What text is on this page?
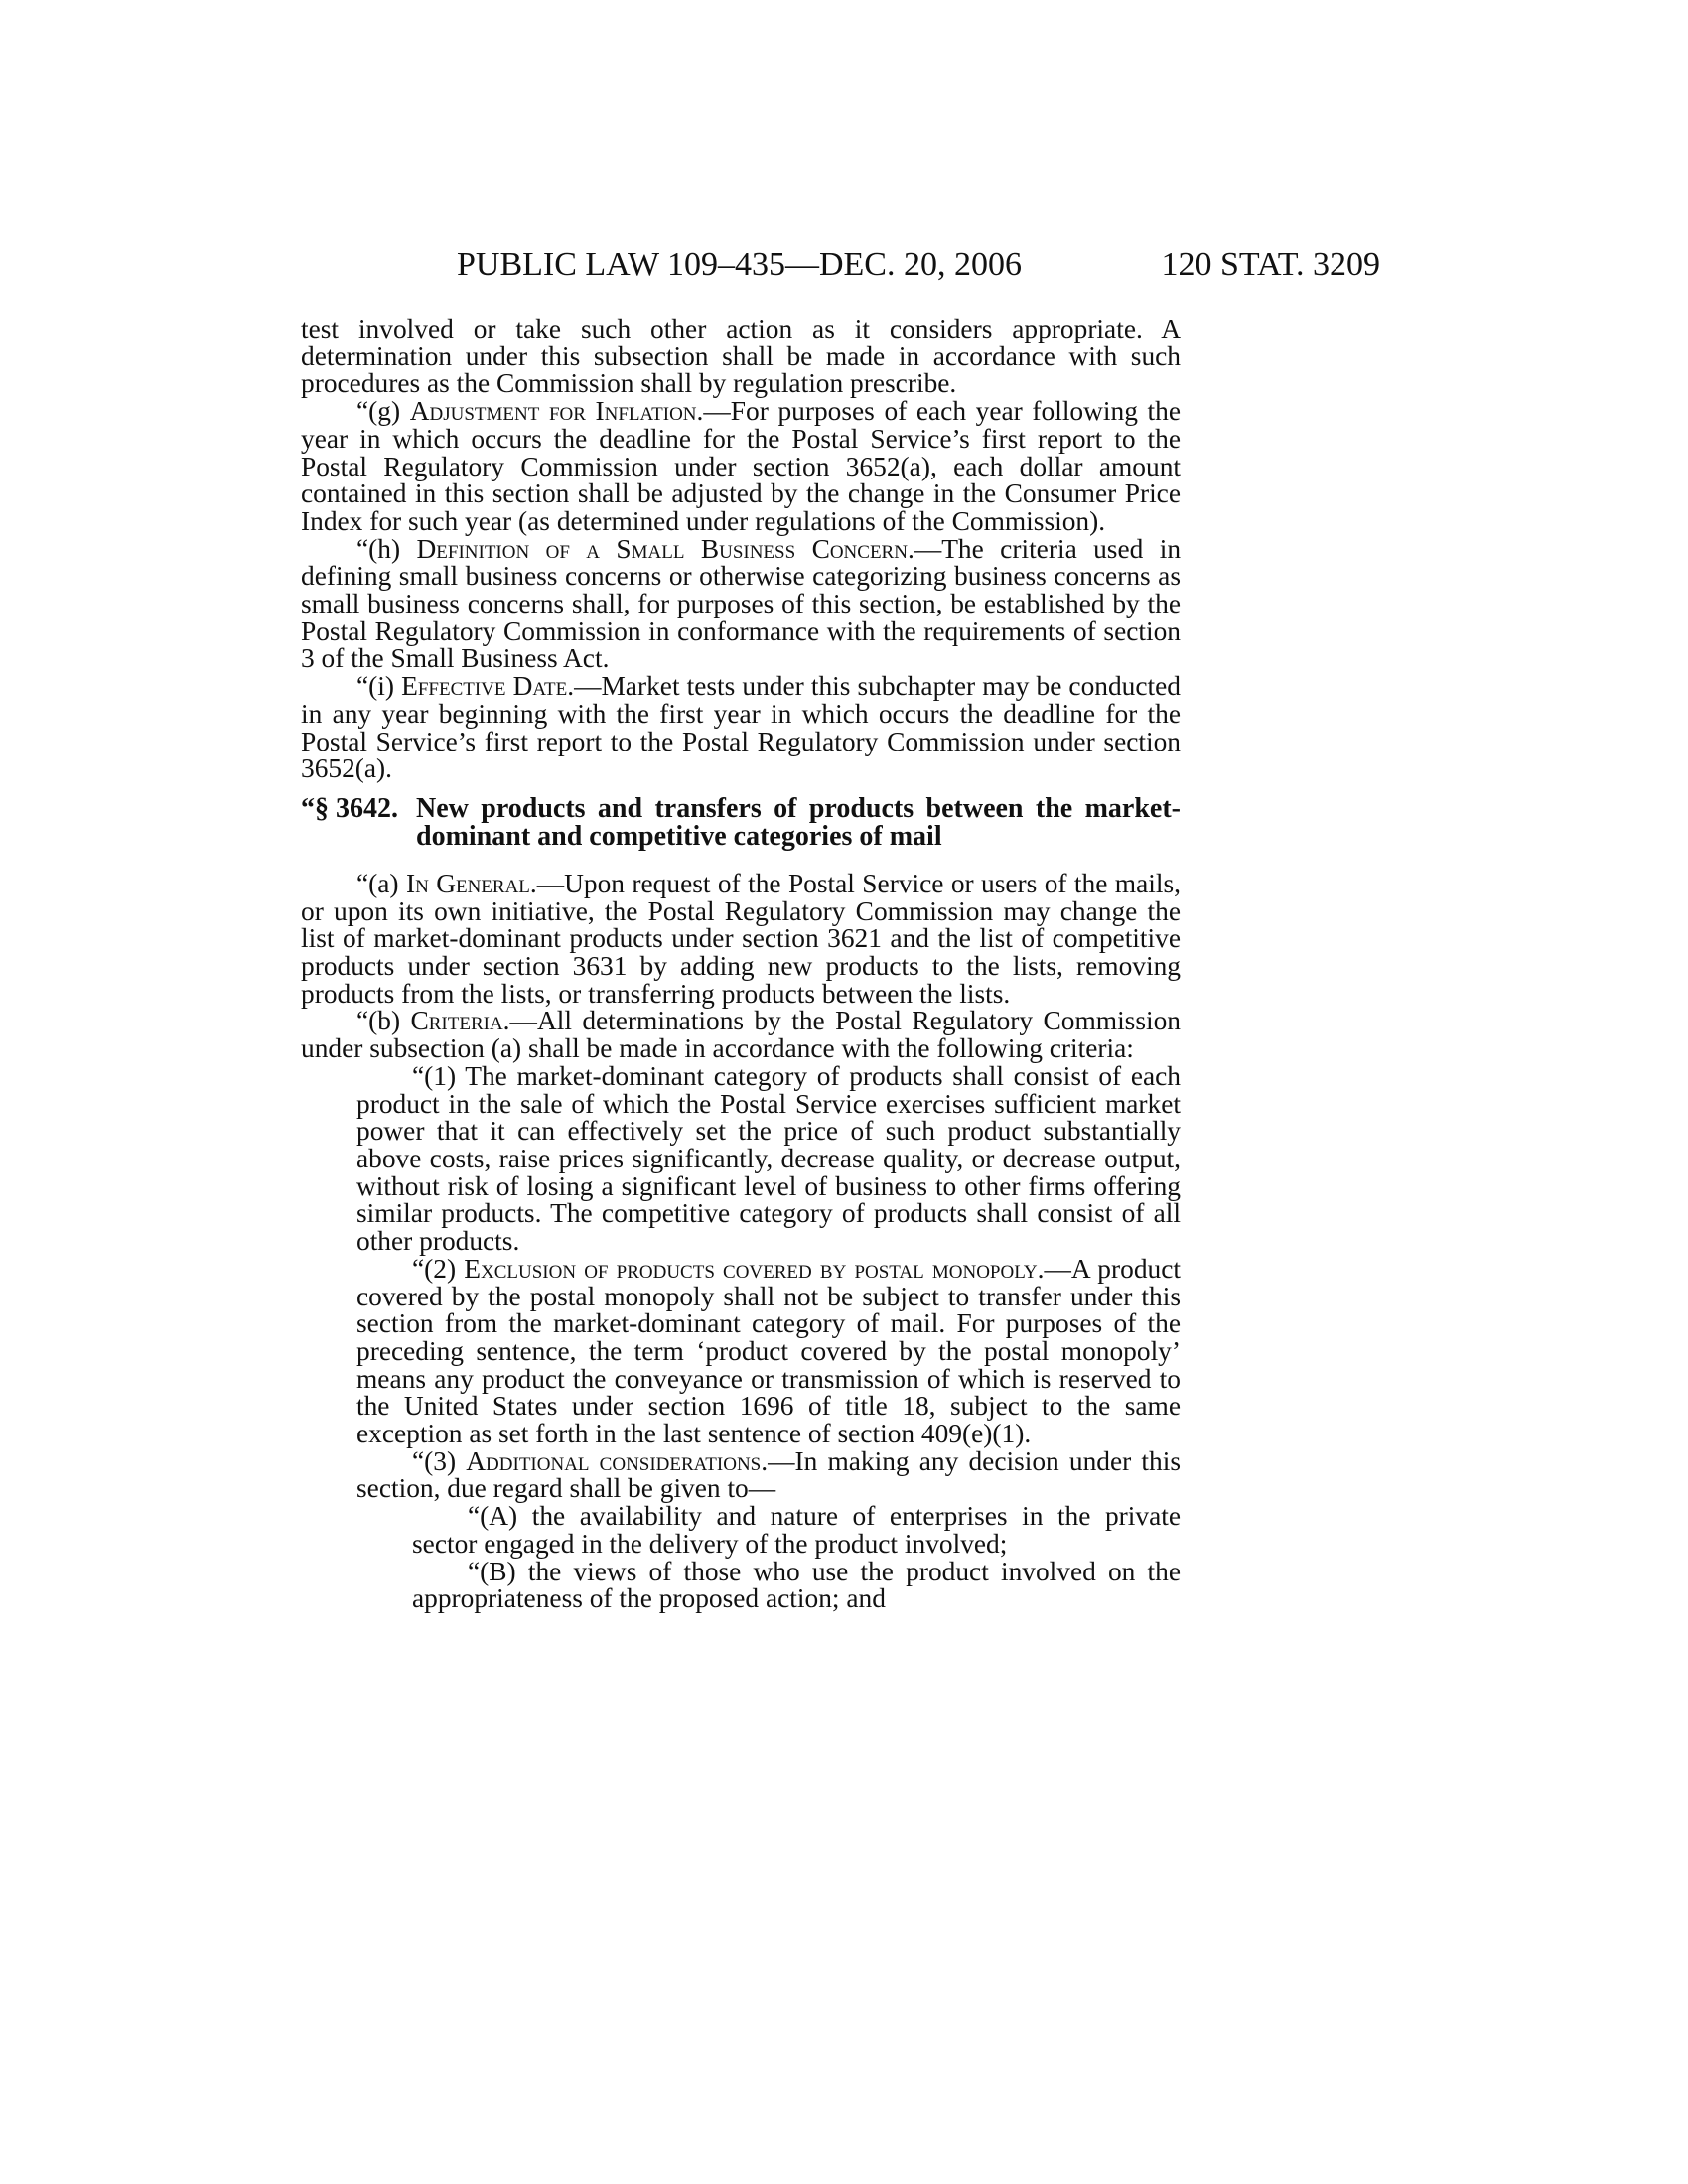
PUBLIC LAW 109–435—DEC. 20, 2006	120 STAT. 3209

test involved or take such other action as it considers appropriate. A determination under this subsection shall be made in accordance with such procedures as the Commission shall by regulation prescribe.

“(g) Adjustment for Inflation.—For purposes of each year following the year in which occurs the deadline for the Postal Service’s first report to the Postal Regulatory Commission under section 3652(a), each dollar amount contained in this section shall be adjusted by the change in the Consumer Price Index for such year (as determined under regulations of the Commission).

“(h) Definition of a Small Business Concern.—The criteria used in defining small business concerns or otherwise categorizing business concerns as small business concerns shall, for purposes of this section, be established by the Postal Regulatory Commission in conformance with the requirements of section 3 of the Small Business Act.

“(i) Effective Date.—Market tests under this subchapter may be conducted in any year beginning with the first year in which occurs the deadline for the Postal Service’s first report to the Postal Regulatory Commission under section 3652(a).

“§ 3642. New products and transfers of products between the market-dominant and competitive categories of mail

“(a) In General.—Upon request of the Postal Service or users of the mails, or upon its own initiative, the Postal Regulatory Commission may change the list of market-dominant products under section 3621 and the list of competitive products under section 3631 by adding new products to the lists, removing products from the lists, or transferring products between the lists.

“(b) Criteria.—All determinations by the Postal Regulatory Commission under subsection (a) shall be made in accordance with the following criteria:

“(1) The market-dominant category of products shall consist of each product in the sale of which the Postal Service exercises sufficient market power that it can effectively set the price of such product substantially above costs, raise prices significantly, decrease quality, or decrease output, without risk of losing a significant level of business to other firms offering similar products. The competitive category of products shall consist of all other products.

“(2) Exclusion of products covered by postal monopoly.—A product covered by the postal monopoly shall not be subject to transfer under this section from the market-dominant category of mail. For purposes of the preceding sentence, the term ‘product covered by the postal monopoly’ means any product the conveyance or transmission of which is reserved to the United States under section 1696 of title 18, subject to the same exception as set forth in the last sentence of section 409(e)(1).

“(3) Additional considerations.—In making any decision under this section, due regard shall be given to—

“(A) the availability and nature of enterprises in the private sector engaged in the delivery of the product involved;

“(B) the views of those who use the product involved on the appropriateness of the proposed action; and
